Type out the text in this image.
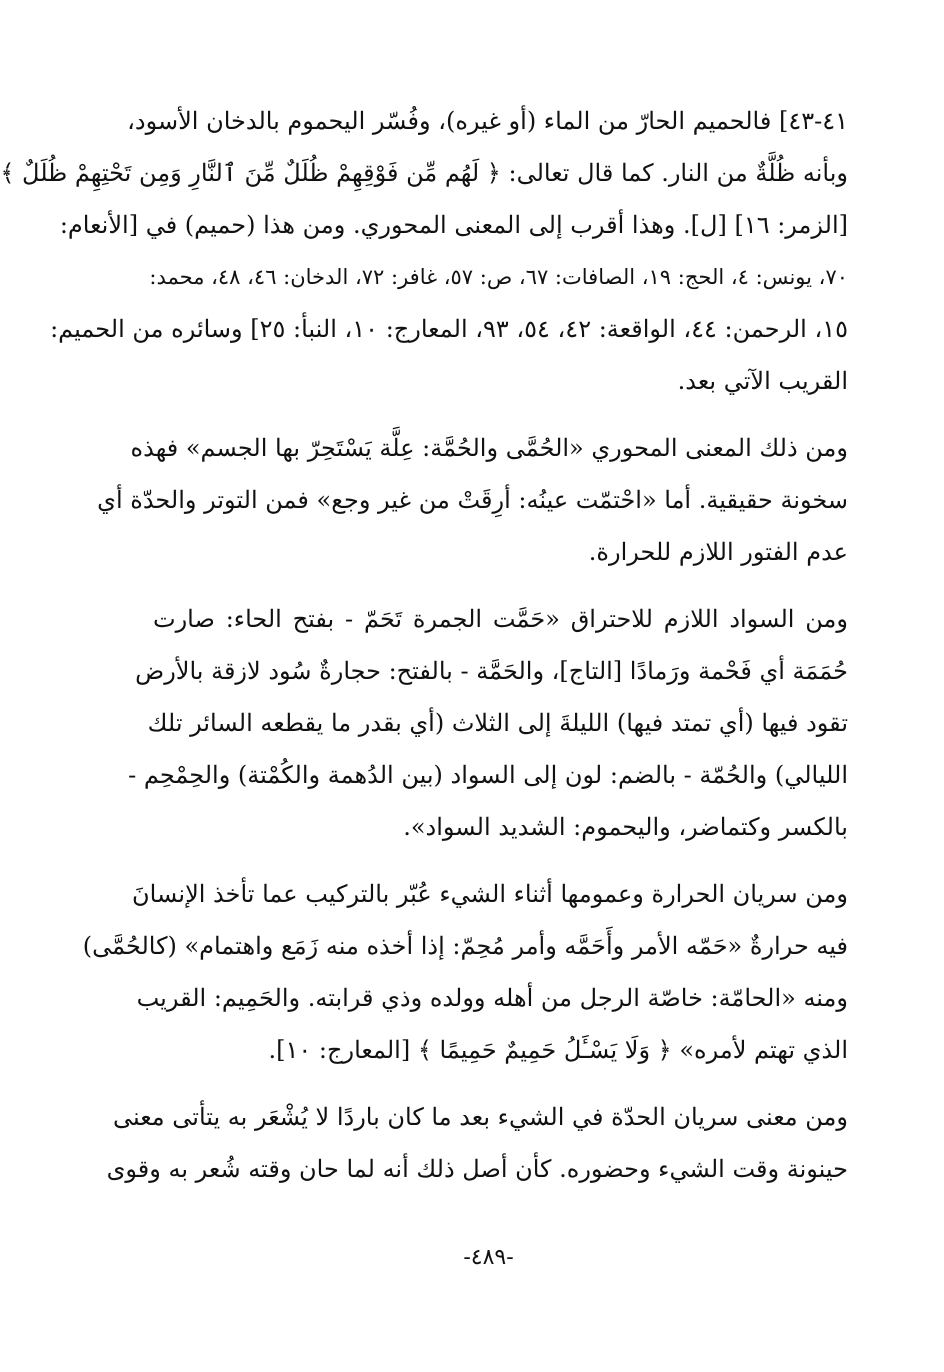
٤١-٤٣] فالحميم الحارّ من الماء (أو غيره)، وفُسّر اليحموم بالدخان الأسود،
وبأنه ظُلَّةٌ من النار. كما قال تعالى: ﴿ لَهُم مِّن فَوْقِهِمْ ظُلَلٌ مِّنَ ٱلنَّارِ وَمِن تَحْتِهِمْ ظُلَلٌ ﴾
[الزمر: ١٦] [ل]. وهذا أقرب إلى المعنى المحوري. ومن هذا (حميم) في [الأنعام:
٧٠، يونس: ٤، الحج: ١٩، الصافات: ٦٧، ص: ٥٧، غافر: ٧٢، الدخان: ٤٦، ٤٨، محمد:
١٥، الرحمن: ٤٤، الواقعة: ٤٢، ٥٤، ٩٣، المعارج: ١٠، النبأ: ٢٥] وسائره من الحميم:
القريب الآتي بعد.
ومن ذلك المعنى المحوري «الحُمَّى والحُمَّة: عِلَّة يَسْتَحِرّ بها الجسم» فهذه
سخونة حقيقية. أما «احْتمّت عينُه: أرِقَتْ من غير وجع» فمن التوتر والحدّة أي
عدم الفتور اللازم للحرارة.
ومن السواد اللازم للاحتراق «حَمَّت الجمرة تَحَمّ - بفتح الحاء: صارت
حُمَمَة أي فَحْمة ورَمادًا [التاج]، والحَمَّة - بالفتح: حجارةٌ سُود لازقة بالأرض
تقود فيها (أي تمتد فيها) الليلةَ إلى الثلاث (أي بقدر ما يقطعه السائر تلك
الليالي) والحُمّة - بالضم: لون إلى السواد (بين الدُهمة والكُمْتة) والحِمْحِم -
بالكسر وكتماضر، واليحموم: الشديد السواد».
ومن سريان الحرارة وعمومها أثناء الشيء عُبّر بالتركيب عما تأخذ الإنسانَ
فيه حرارةٌ «حَمّه الأمر وأَحَمَّه وأمر مُحِمّ: إذا أخذه منه زَمَع واهتمام» (كالحُمَّى)
ومنه «الحامّة: خاصّة الرجل من أهله وولده وذي قرابته. والحَمِيم: القريب
الذي تهتم لأمره» ﴿ وَلَا يَسْـَٔلُ حَمِيمٌ حَمِيمًا ﴾ [المعارج: ١٠].
ومن معنى سريان الحدّة في الشيء بعد ما كان باردًا لا يُشْعَر به يتأتى معنى
حينونة وقت الشيء وحضوره. كأن أصل ذلك أنه لما حان وقته شُعر به وقوى
-٤٨٩-
